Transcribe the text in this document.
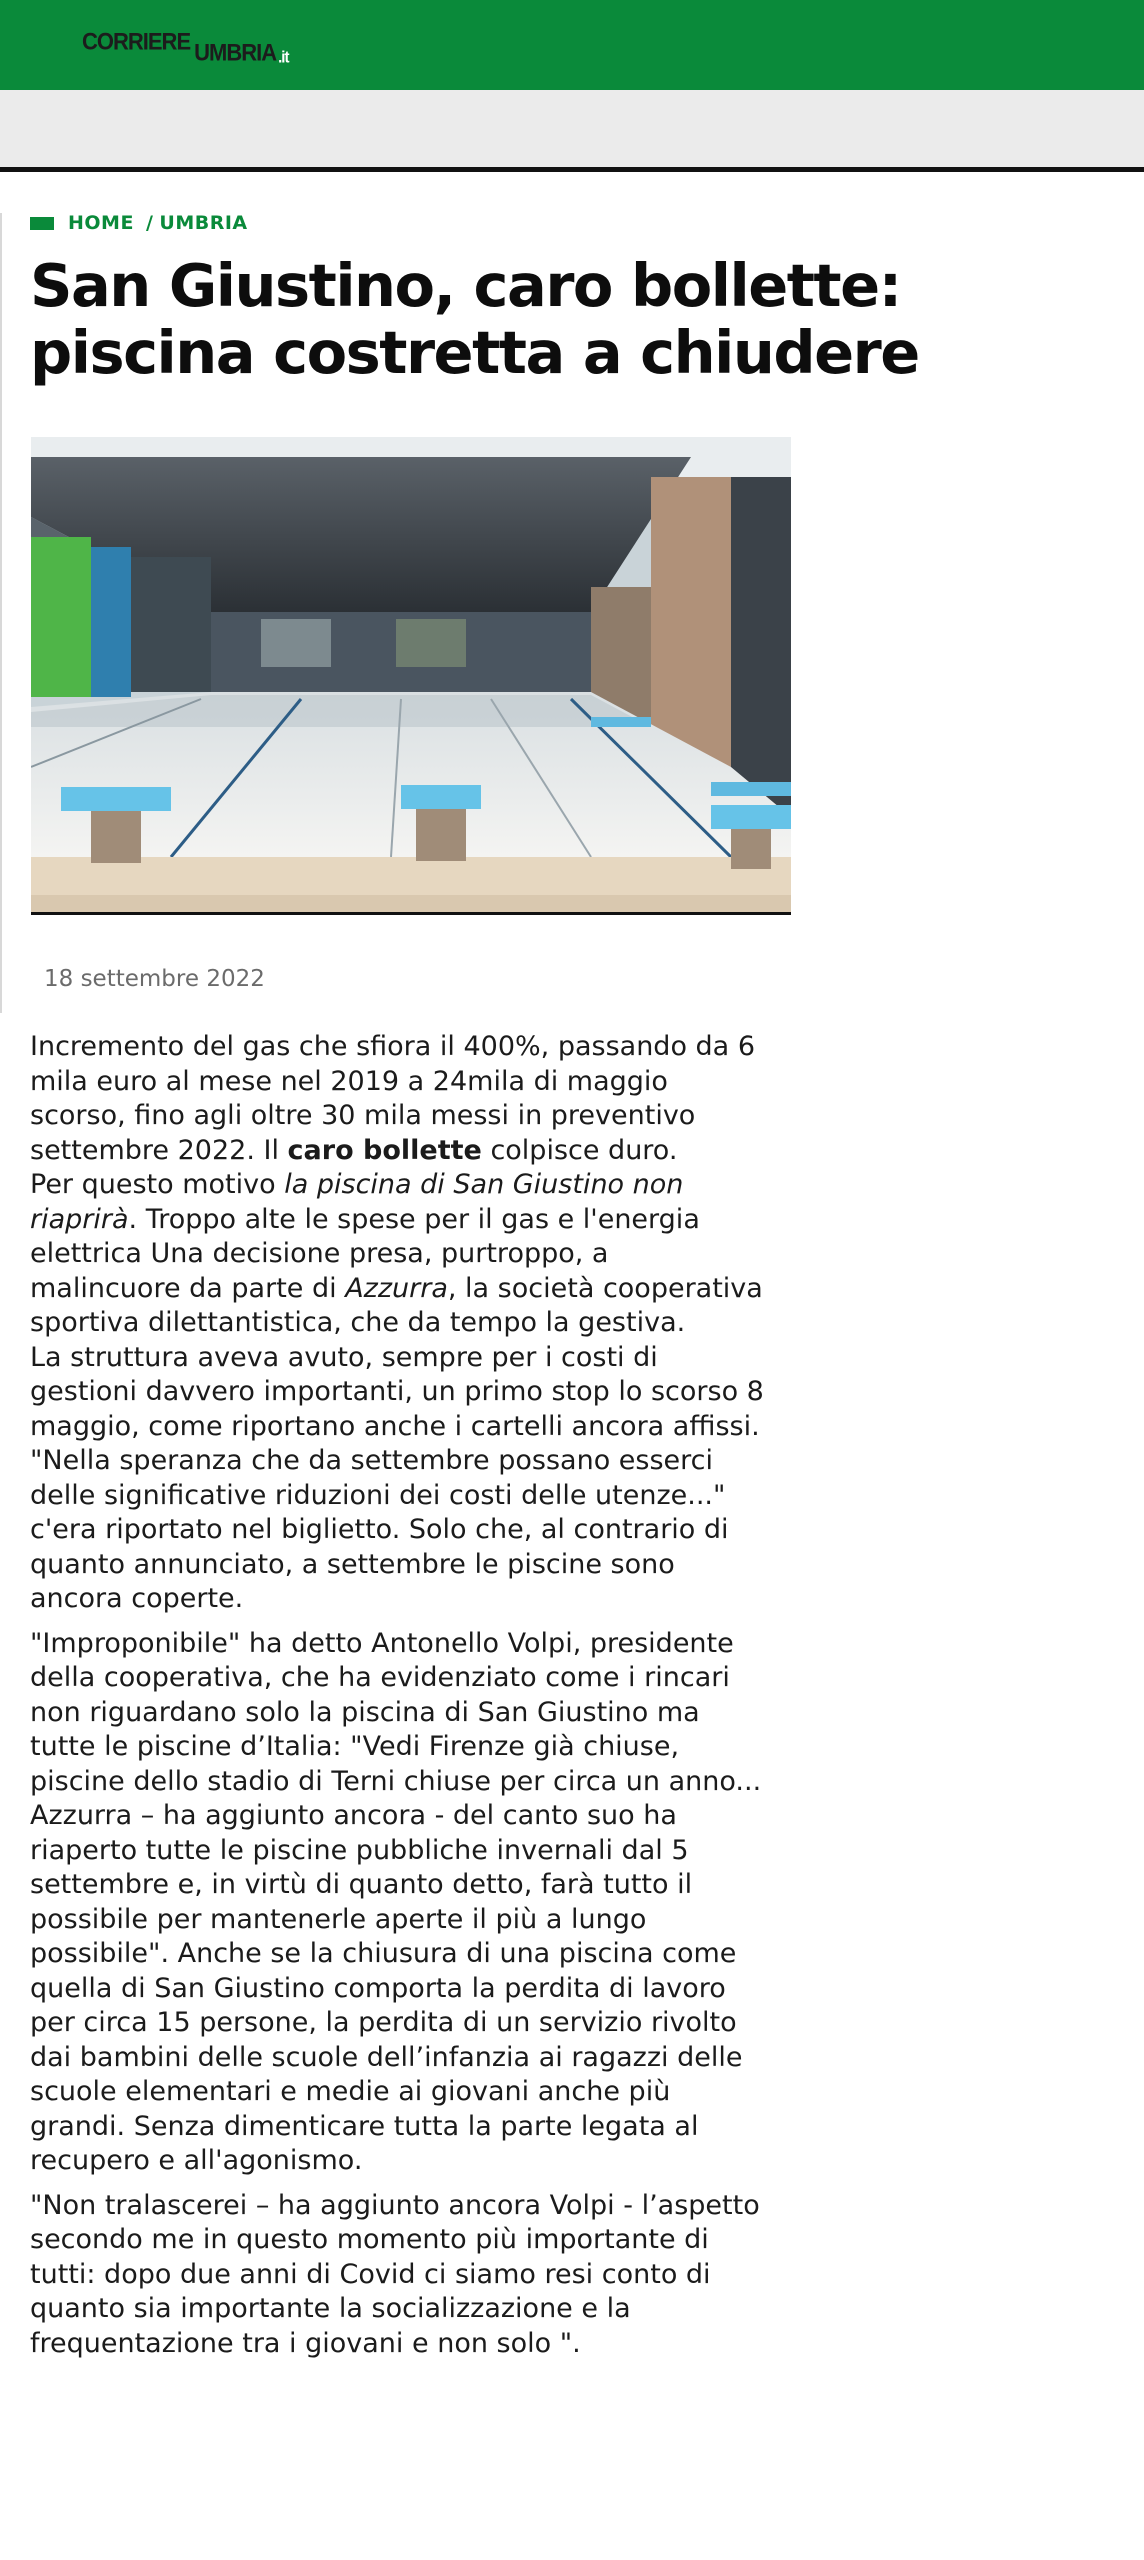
CORRIERE UMBRIA .it
HOME / UMBRIA
San Giustino, caro bollette: piscina costretta a chiudere
18 settembre 2022

Incremento del gas che sfiora il 400%, passando da 6 mila euro al mese nel 2019 a 24mila di maggio scorso, fino agli oltre 30 mila messi in preventivo settembre 2022. Il caro bollette colpisce duro.

Per questo motivo la piscina di San Giustino non riaprirà. Troppo alte le spese per il gas e l'energia elettrica Una decisione presa, purtroppo, a malincuore da parte di Azzurra, la società cooperativa sportiva dilettantistica, che da tempo la gestiva.

La struttura aveva avuto, sempre per i costi di gestioni davvero importanti, un primo stop lo scorso 8 maggio, come riportano anche i cartelli ancora affissi. "Nella speranza che da settembre possano esserci delle significative riduzioni dei costi delle utenze..." c'era riportato nel biglietto. Solo che, al contrario di quanto annunciato, a settembre le piscine sono ancora coperte.

"Improponibile" ha detto Antonello Volpi, presidente della cooperativa, che ha evidenziato come i rincari non riguardano solo la piscina di San Giustino ma tutte le piscine d’Italia: "Vedi Firenze già chiuse, piscine dello stadio di Terni chiuse per circa un anno... Azzurra – ha aggiunto ancora - del canto suo ha riaperto tutte le piscine pubbliche invernali dal 5 settembre e, in virtù di quanto detto, farà tutto il possibile per mantenerle aperte il più a lungo possibile". Anche se la chiusura di una piscina come quella di San Giustino comporta la perdita di lavoro per circa 15 persone, la perdita di un servizio rivolto dai bambini delle scuole dell’infanzia ai ragazzi delle scuole elementari e medie ai giovani anche più grandi. Senza dimenticare tutta la parte legata al recupero e all'agonismo.

"Non tralascerei – ha aggiunto ancora Volpi - l’aspetto secondo me in questo momento più importante di tutti: dopo due anni di Covid ci siamo resi conto di quanto sia importante la socializzazione e la frequentazione tra i giovani e non solo ".
